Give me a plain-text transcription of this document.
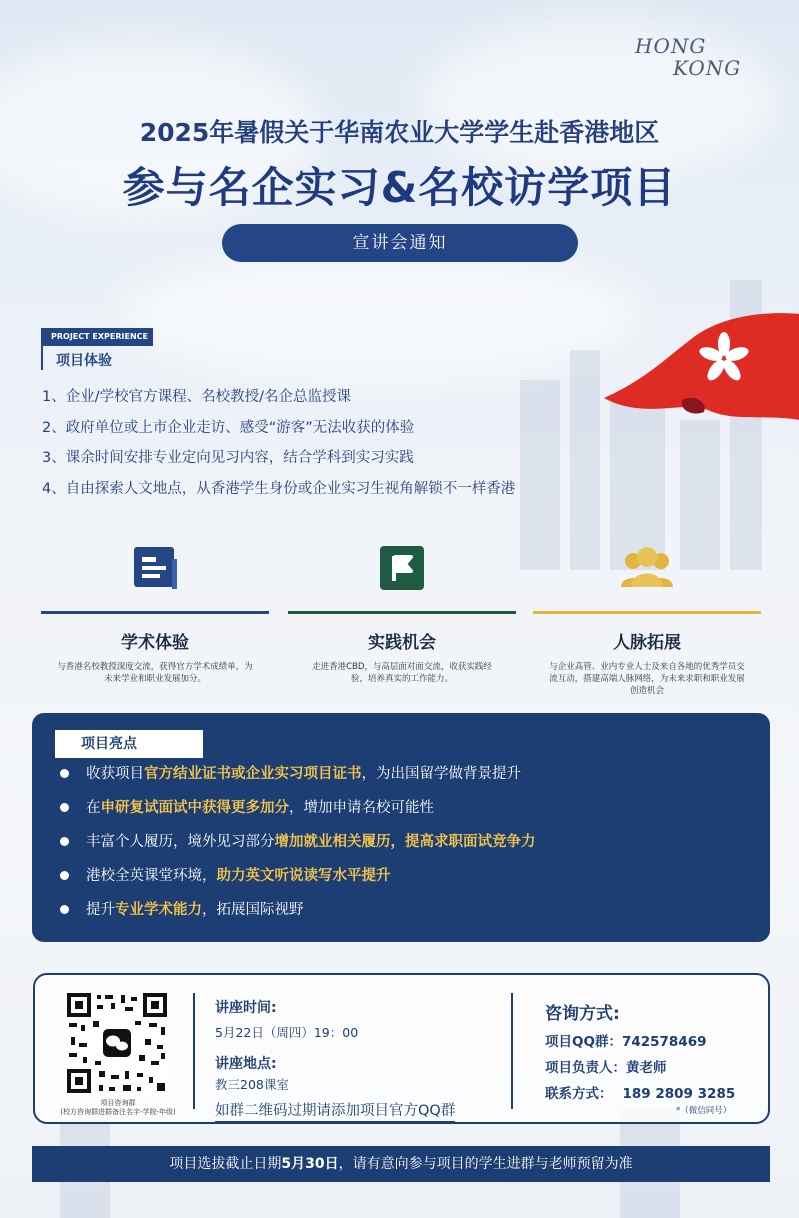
HONG
KONG
2025年暑假关于华南农业大学学生赴香港地区
参与名企实习&名校访学项目
宣讲会通知
PROJECT EXPERIENCE
项目体验
1、企业/学校官方课程、名校教授/名企总监授课
2、政府单位或上市企业走访、感受“游客”无法收获的体验
3、课余时间安排专业定向见习内容，结合学科到实习实践
4、自由探索人文地点，从香港学生身份或企业实习生视角解锁不一样香港
学术体验
与香港名校教授深度交流，获得官方学术成绩单，为未来学业和职业发展加分。
实践机会
走进香港CBD，与高层面对面交流，收获实践经验，培养真实的工作能力。
人脉拓展
与企业高管、业内专业人士及来自各地的优秀学员交流互动，搭建高端人脉网络，为未来求职和职业发展创造机会
项目亮点
收获项目官方结业证书或企业实习项目证书，为出国留学做背景提升
在申研复试面试中获得更多加分，增加申请名校可能性
丰富个人履历，境外见习部分增加就业相关履历，提高求职面试竞争力
港校全英课堂环境，助力英文听说读写水平提升
提升专业学术能力，拓展国际视野
项目咨询群
(校方咨询群进群备注名字-学院-年级)
讲座时间:
5月22日（周四）19：00
讲座地点:
教三208课室
如群二维码过期请添加项目官方QQ群
咨询方式:
项目QQ群：742578469
项目负责人：黄老师
联系方式： 189 2809 3285
*（微信同号）
项目选拔截止日期5月30日，请有意向参与项目的学生进群与老师预留为准
